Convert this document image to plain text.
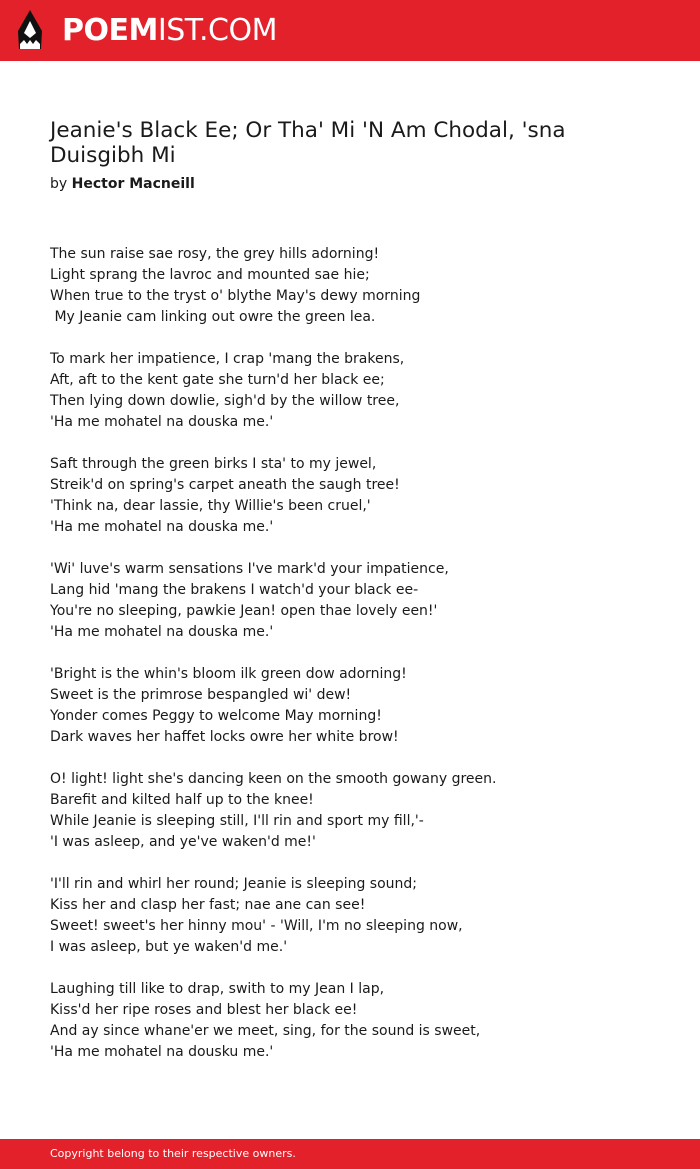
POEMIST.COM
Jeanie's Black Ee; Or Tha' Mi 'N Am Chodal, 'sna Duisgibh Mi
by Hector Macneill
The sun raise sae rosy, the grey hills adorning!
Light sprang the lavroc and mounted sae hie;
When true to the tryst o' blythe May's dewy morning
My Jeanie cam linking out owre the green lea.
To mark her impatience, I crap 'mang the brakens,
Aft, aft to the kent gate she turn'd her black ee;
Then lying down dowlie, sigh'd by the willow tree,
'Ha me mohatel na douska me.'
Saft through the green birks I sta' to my jewel,
Streik'd on spring's carpet aneath the saugh tree!
'Think na, dear lassie, thy Willie's been cruel,'
'Ha me mohatel na douska me.'
'Wi' luve's warm sensations I've mark'd your impatience,
Lang hid 'mang the brakens I watch'd your black ee-
You're no sleeping, pawkie Jean! open thae lovely een!'
'Ha me mohatel na douska me.'
'Bright is the whin's bloom ilk green dow adorning!
Sweet is the primrose bespangled wi' dew!
Yonder comes Peggy to welcome May morning!
Dark waves her haffet locks owre her white brow!
O! light! light she's dancing keen on the smooth gowany green.
Barefit and kilted half up to the knee!
While Jeanie is sleeping still, I'll rin and sport my fill,'-
'I was asleep, and ye've waken'd me!'
'I'll rin and whirl her round; Jeanie is sleeping sound;
Kiss her and clasp her fast; nae ane can see!
Sweet! sweet's her hinny mou' - 'Will, I'm no sleeping now,
I was asleep, but ye waken'd me.'
Laughing till like to drap, swith to my Jean I lap,
Kiss'd her ripe roses and blest her black ee!
And ay since whane'er we meet, sing, for the sound is sweet,
'Ha me mohatel na dousku me.'
Copyright belong to their respective owners.
